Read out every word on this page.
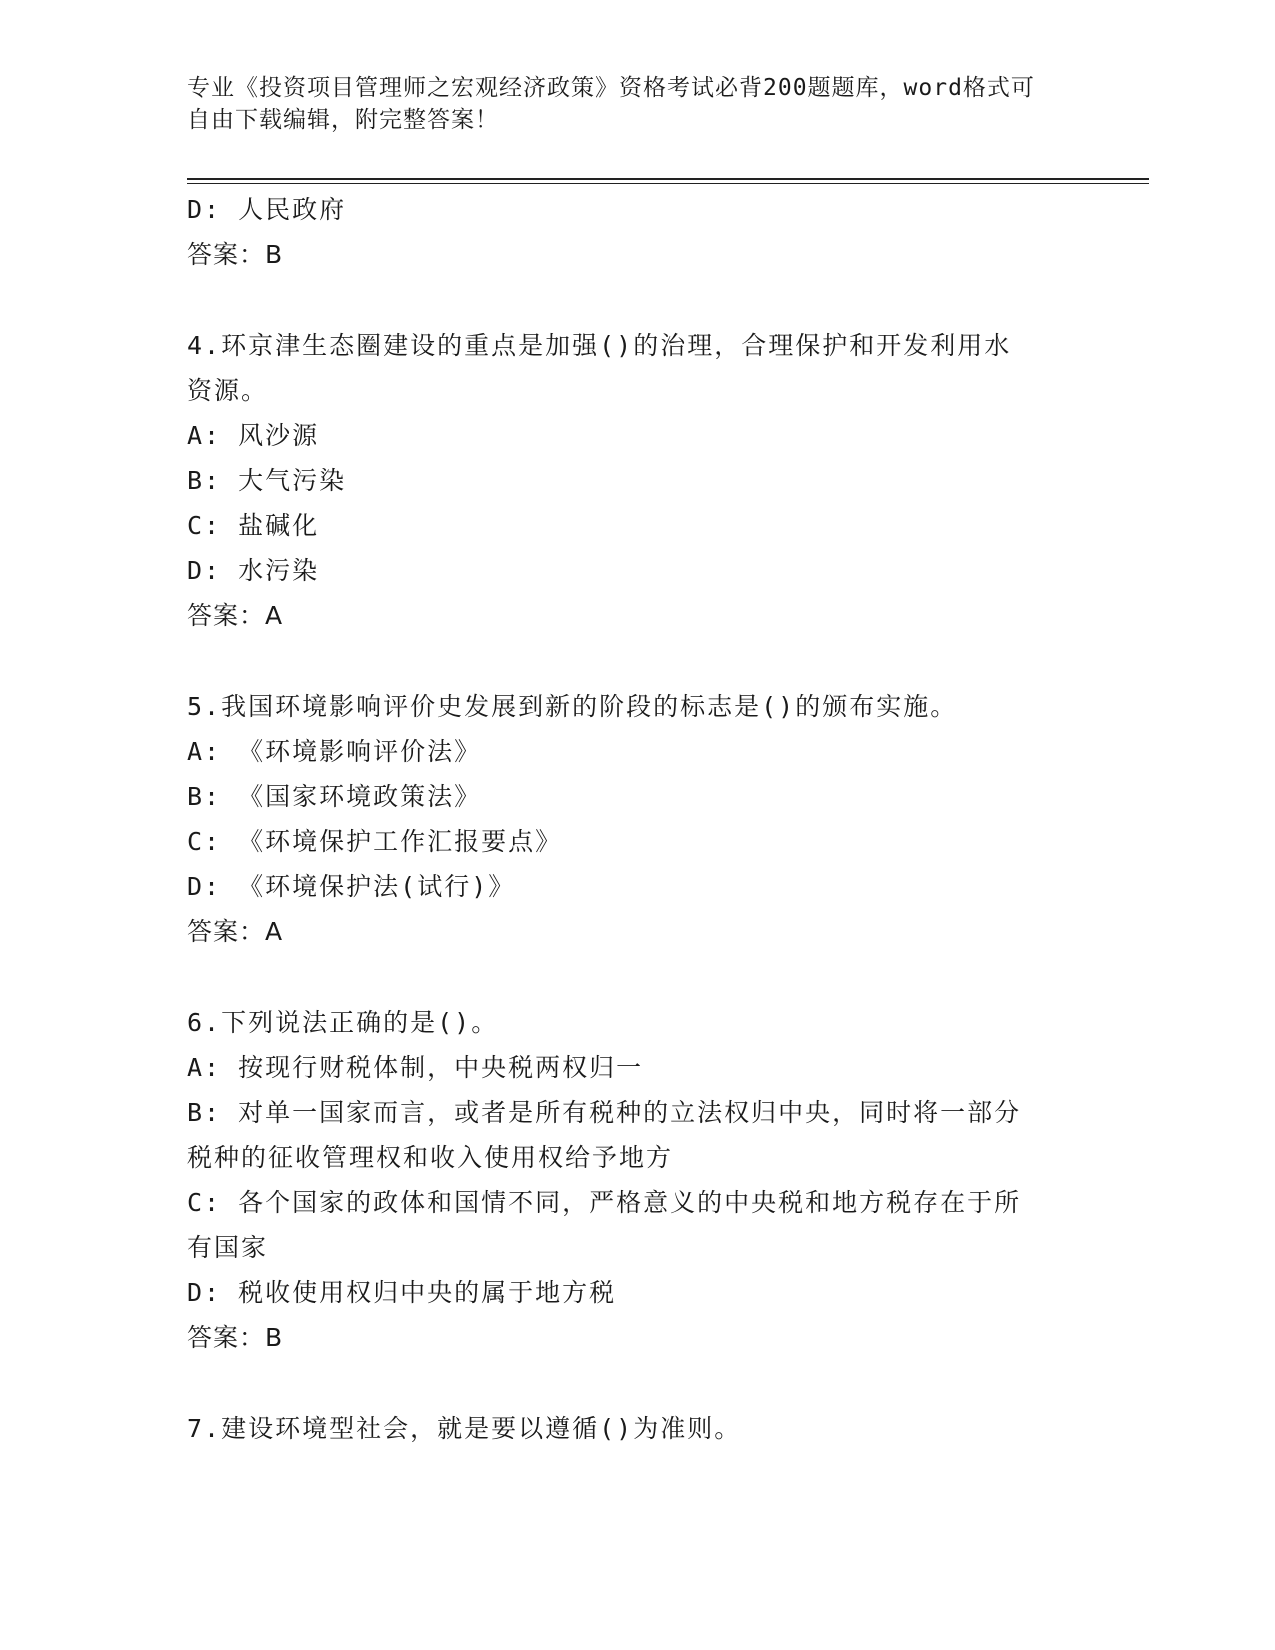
专业《投资项目管理师之宏观经济政策》资格考试必背200题题库，word格式可
自由下载编辑，附完整答案！
D: 人民政府
答案：B
4.环京津生态圈建设的重点是加强()的治理，合理保护和开发利用水
资源。
A: 风沙源
B: 大气污染
C: 盐碱化
D: 水污染
答案：A
5.我国环境影响评价史发展到新的阶段的标志是()的颁布实施。
A: 《环境影响评价法》
B: 《国家环境政策法》
C: 《环境保护工作汇报要点》
D: 《环境保护法(试行)》
答案：A
6.下列说法正确的是()。
A: 按现行财税体制，中央税两权归一
B: 对单一国家而言，或者是所有税种的立法权归中央，同时将一部分
税种的征收管理权和收入使用权给予地方
C: 各个国家的政体和国情不同，严格意义的中央税和地方税存在于所
有国家
D: 税收使用权归中央的属于地方税
答案：B
7.建设环境型社会，就是要以遵循()为准则。
